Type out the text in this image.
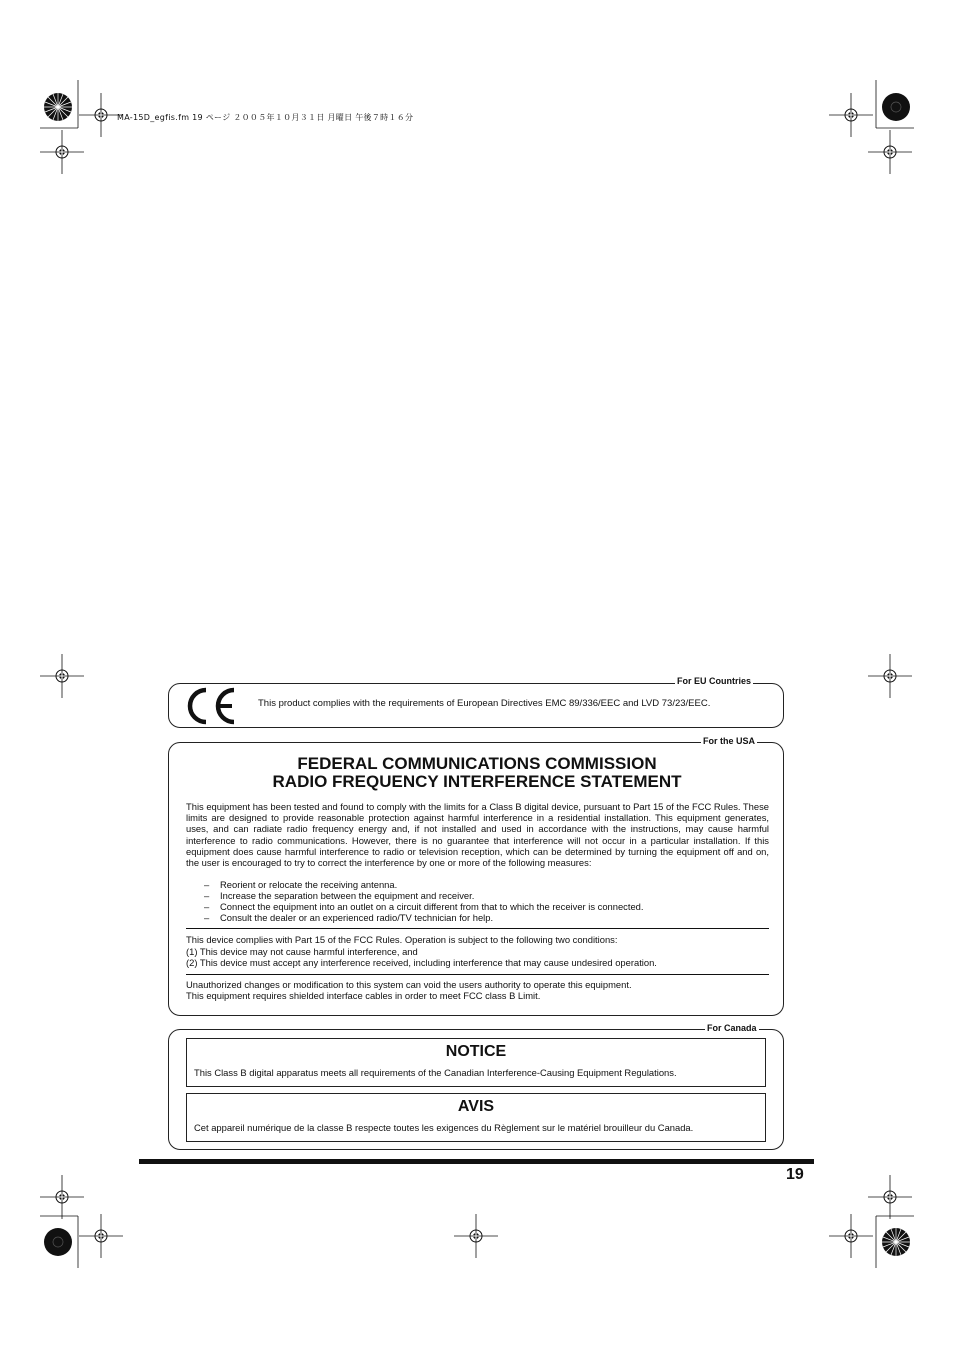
MA-15D_egfis.fm 19 ページ ２００５年１０月３１日 月曜日 午後７時１６分
For EU Countries
This product complies with the requirements of European Directives EMC 89/336/EEC and LVD 73/23/EEC.
For the USA
FEDERAL COMMUNICATIONS COMMISSION
RADIO FREQUENCY INTERFERENCE STATEMENT
This equipment has been tested and found to comply with the limits for a Class B digital device, pursuant to Part 15 of the FCC Rules. These limits are designed to provide reasonable protection against harmful interference in a residential installation. This equipment generates, uses, and can radiate radio frequency energy and, if not installed and used in accordance with the instructions, may cause harmful interference to radio communications. However, there is no guarantee that interference will not occur in a particular installation. If this equipment does cause harmful interference to radio or television reception, which can be determined by turning the equipment off and on, the user is encouraged to try to correct the interference by one or more of the following measures:
– Reorient or relocate the receiving antenna.
– Increase the separation between the equipment and receiver.
– Connect the equipment into an outlet on a circuit different from that to which the receiver is connected.
– Consult the dealer or an experienced radio/TV technician for help.
This device complies with Part 15 of the FCC Rules. Operation is subject to the following two conditions:
(1) This device may not cause harmful interference, and
(2) This device must accept any interference received, including interference that may cause undesired operation.
Unauthorized changes or modification to this system can void the users authority to operate this equipment.
This equipment requires shielded interface cables in order to meet FCC class B Limit.
For Canada
NOTICE
This Class B digital apparatus meets all requirements of the Canadian Interference-Causing Equipment Regulations.
AVIS
Cet appareil numérique de la classe B respecte toutes les exigences du Règlement sur le matériel brouilleur du Canada.
19
